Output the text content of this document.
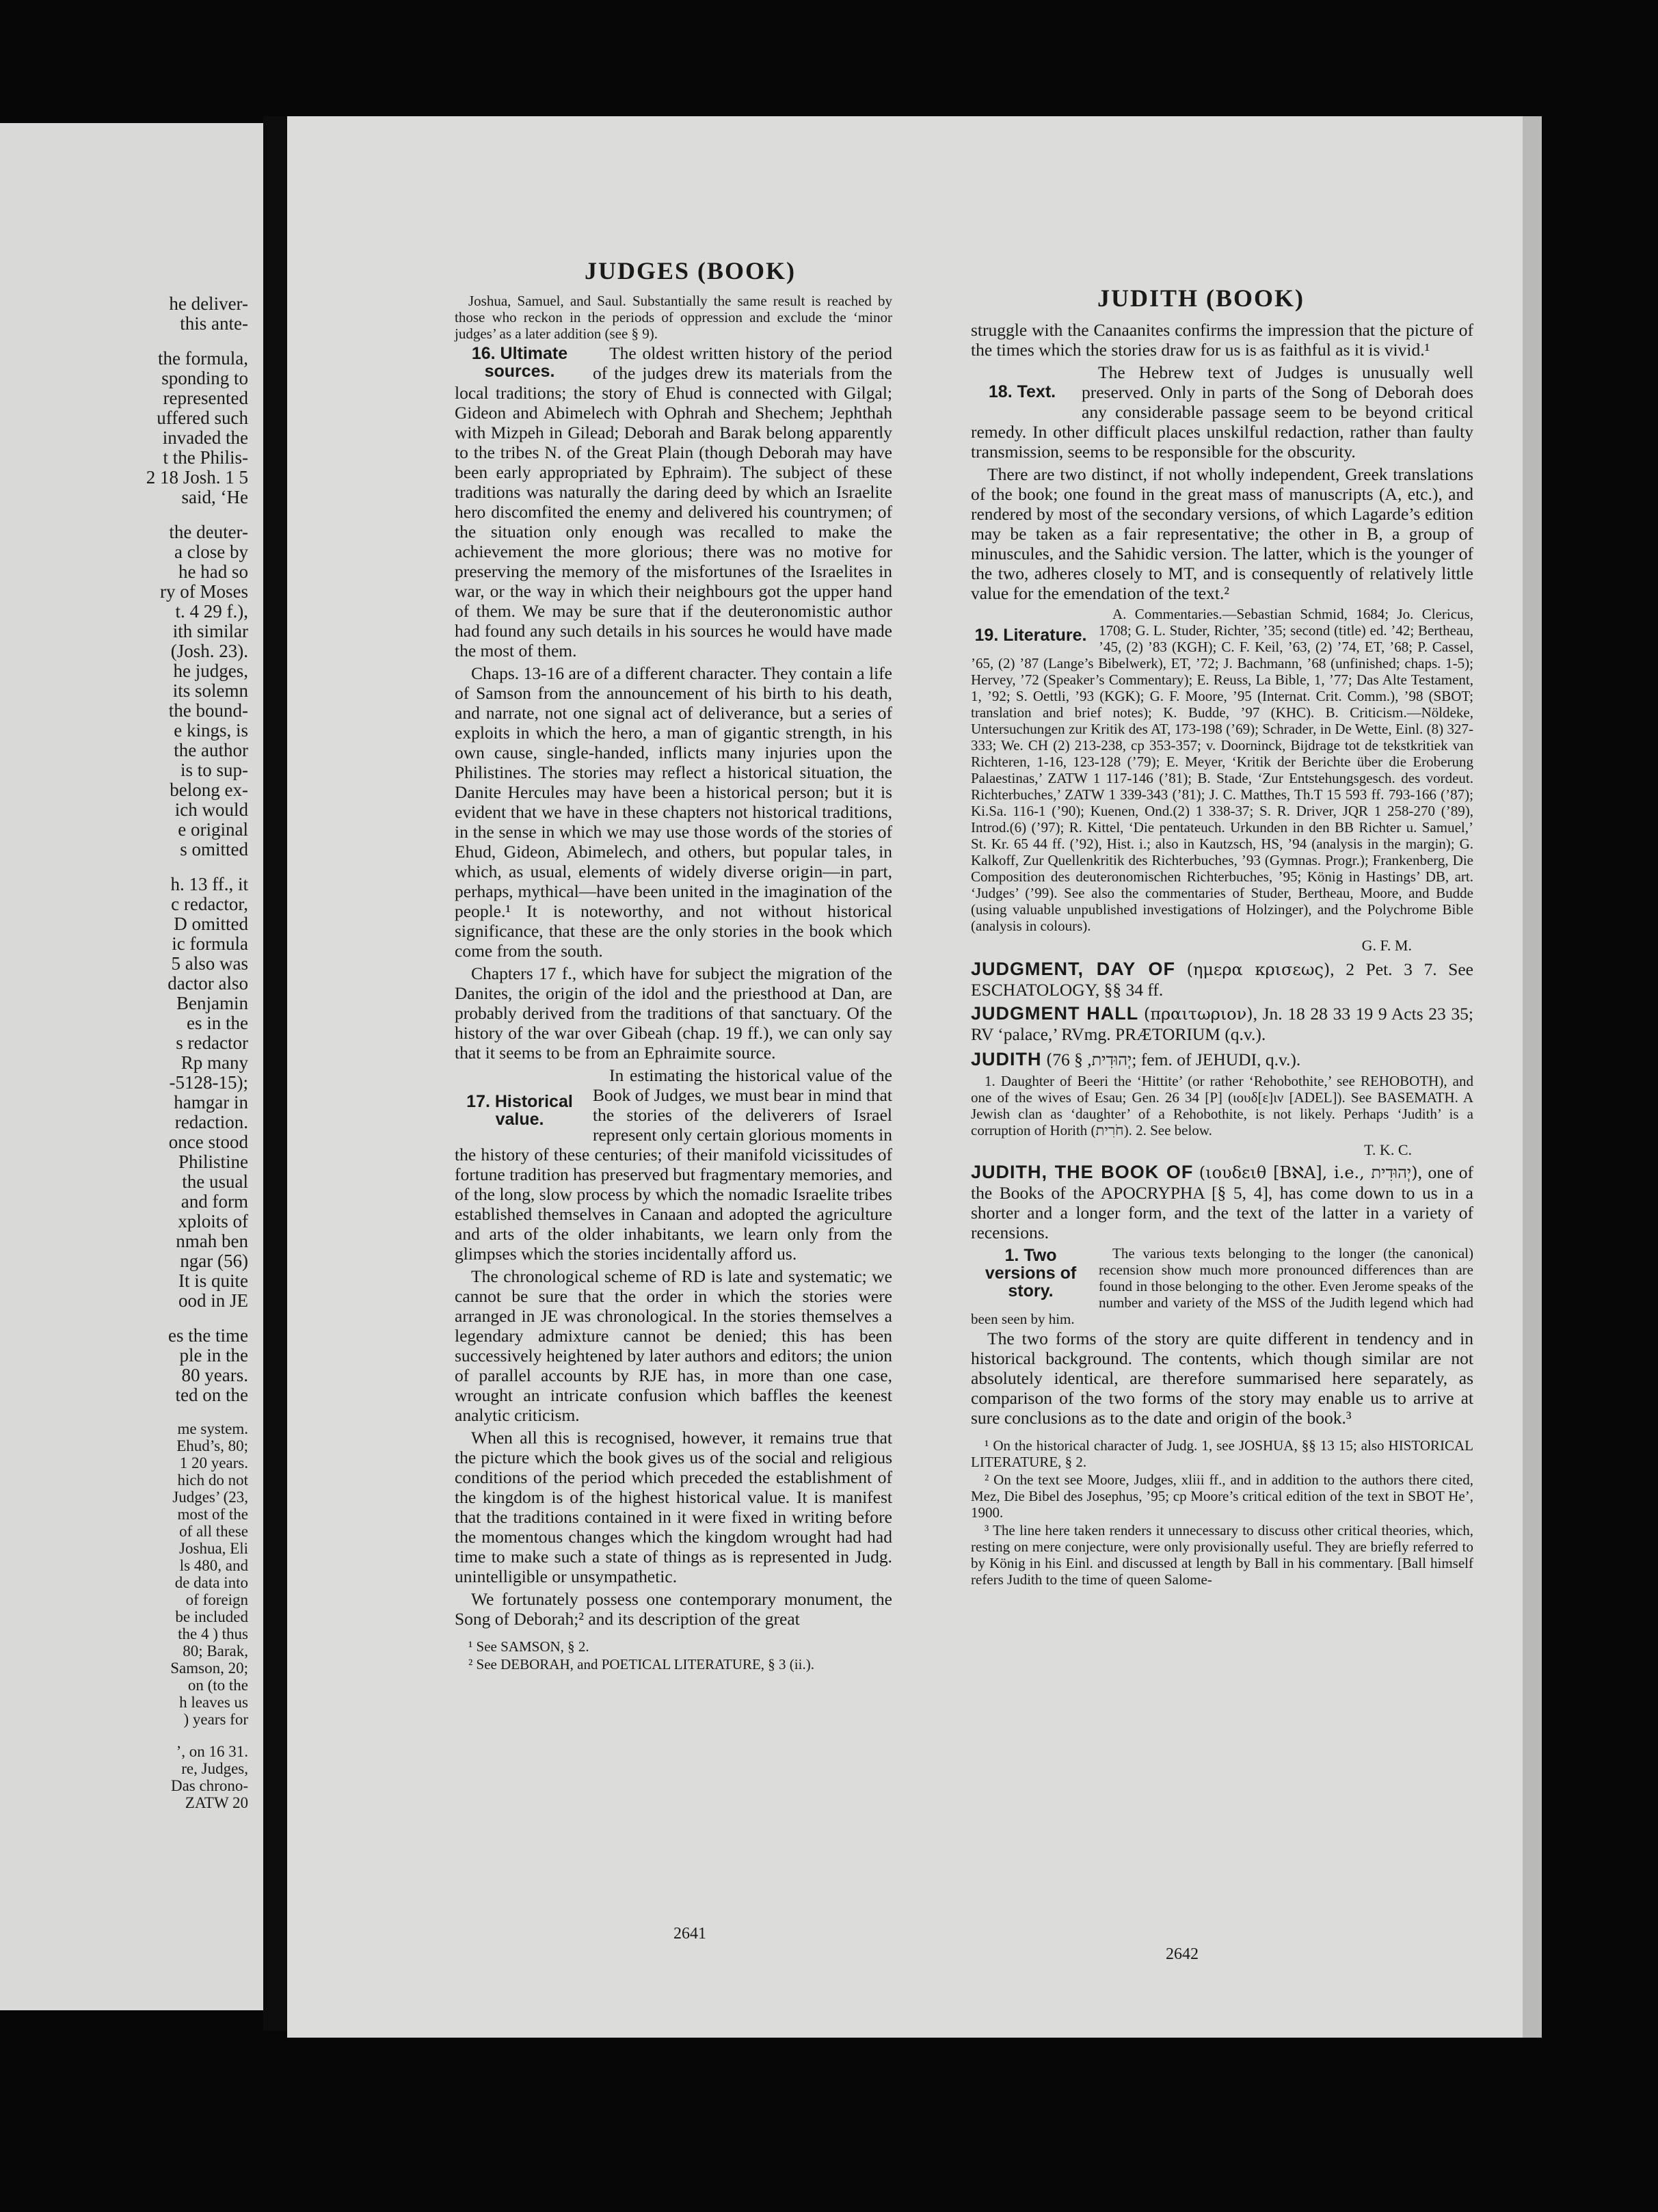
he deliver-
this ante-
the formula,
sponding to
represented
uffered such
invaded the
t the Philis-
2 18 Josh. 1 5
said, ‘He
the deuter-
a close by
he had so
ry of Moses
t. 4 29 f.),
ith similar
(Josh. 23).
he judges,
its solemn
the bound-
e kings, is
the author
is to sup-
belong ex-
ich would
e original
s omitted
h. 13 ff., it
c redactor,
D omitted
ic formula
5 also was
dactor also
Benjamin
es in the
s redactor
Rp many
-5128-15);
hamgar in
redaction.
once stood
Philistine
the usual
and form
xploits of
nmah ben
ngar (56)
It is quite
ood in JE
es the time
ple in the
80 years.
ted on the
me system.
Ehud’s, 80;
1 20 years.
hich do not
Judges’ (23,
most of the
of all these
Joshua, Eli
ls 480, and
de data into
of foreign
be included
the 4 ) thus
80; Barak,
Samson, 20;
on (to the
h leaves us
) years for
’, on 16 31.
re, Judges,
Das chrono-
ZATW 20
JUDGES (BOOK)
JUDITH (BOOK)

Joshua, Samuel, and Saul. Substantially the same result is reached by those who reckon in the periods of oppression and exclude the ‘minor judges’ as a later addition (see § 9).

16. Ultimate sources.

The oldest written history of the period of the judges drew its materials from the local traditions; the story of Ehud is connected with Gilgal; Gideon and Abimelech with Ophrah and Shechem; Jephthah with Mizpeh in Gilead; Deborah and Barak belong apparently to the tribes N. of the Great Plain (though Deborah may have been early appropriated by Ephraim). The subject of these traditions was naturally the daring deed by which an Israelite hero discomfited the enemy and delivered his countrymen; of the situation only enough was recalled to make the achievement the more glorious; there was no motive for preserving the memory of the misfortunes of the Israelites in war, or the way in which their neighbours got the upper hand of them. We may be sure that if the deuteronomistic author had found any such details in his sources he would have made the most of them.

Chaps. 13-16 are of a different character. They contain a life of Samson from the announcement of his birth to his death, and narrate, not one signal act of deliverance, but a series of exploits in which the hero, a man of gigantic strength, in his own cause, single-handed, inflicts many injuries upon the Philistines. The stories may reflect a historical situation, the Danite Hercules may have been a historical person; but it is evident that we have in these chapters not historical traditions, in the sense in which we may use those words of the stories of Ehud, Gideon, Abimelech, and others, but popular tales, in which, as usual, elements of widely diverse origin—in part, perhaps, mythical—have been united in the imagination of the people.¹ It is noteworthy, and not without historical significance, that these are the only stories in the book which come from the south.

Chapters 17 f., which have for subject the migration of the Danites, the origin of the idol and the priesthood at Dan, are probably derived from the traditions of that sanctuary. Of the history of the war over Gibeah (chap. 19 ff.), we can only say that it seems to be from an Ephraimite source.

17. Historical value.

In estimating the historical value of the Book of Judges, we must bear in mind that the stories of the deliverers of Israel represent only certain glorious moments in the history of these centuries; of their manifold vicissitudes of fortune tradition has preserved but fragmentary memories, and of the long, slow process by which the nomadic Israelite tribes established themselves in Canaan and adopted the agriculture and arts of the older inhabitants, we learn only from the glimpses which the stories incidentally afford us.

The chronological scheme of RD is late and systematic; we cannot be sure that the order in which the stories were arranged in JE was chronological. In the stories themselves a legendary admixture cannot be denied; this has been successively heightened by later authors and editors; the union of parallel accounts by RJE has, in more than one case, wrought an intricate confusion which baffles the keenest analytic criticism.

When all this is recognised, however, it remains true that the picture which the book gives us of the social and religious conditions of the period which preceded the establishment of the kingdom is of the highest historical value. It is manifest that the traditions contained in it were fixed in writing before the momentous changes which the kingdom wrought had had time to make such a state of things as is represented in Judg. unintelligible or unsympathetic.

We fortunately possess one contemporary monument, the Song of Deborah;² and its description of the great

¹ See SAMSON, § 2.

² See DEBORAH, and POETICAL LITERATURE, § 3 (ii.).

2641

struggle with the Canaanites confirms the impression that the picture of the times which the stories draw for us is as faithful as it is vivid.¹

18. Text.

The Hebrew text of Judges is unusually well preserved. Only in parts of the Song of Deborah does any considerable passage seem to be beyond critical remedy. In other difficult places unskilful redaction, rather than faulty transmission, seems to be responsible for the obscurity.

There are two distinct, if not wholly independent, Greek translations of the book; one found in the great mass of manuscripts (A, etc.), and rendered by most of the secondary versions, of which Lagarde’s edition may be taken as a fair representative; the other in B, a group of minuscules, and the Sahidic version. The latter, which is the younger of the two, adheres closely to MT, and is consequently of relatively little value for the emendation of the text.²

19. Literature.

A. Commentaries.—Sebastian Schmid, 1684; Jo. Clericus, 1708; G. L. Studer, Richter, ’35; second (title) ed. ’42; Bertheau, ’45, (2) ’83 (KGH); C. F. Keil, ’63, (2) ’74, ET, ’68; P. Cassel, ’65, (2) ’87 (Lange’s Bibelwerk), ET, ’72; J. Bachmann, ’68 (unfinished; chaps. 1-5); Hervey, ’72 (Speaker’s Commentary); E. Reuss, La Bible, 1, ’77; Das Alte Testament, 1, ’92; S. Oettli, ’93 (KGK); G. F. Moore, ’95 (Internat. Crit. Comm.), ’98 (SBOT; translation and brief notes); K. Budde, ’97 (KHC). B. Criticism.—Nöldeke, Untersuchungen zur Kritik des AT, 173-198 (’69); Schrader, in De Wette, Einl. (8) 327-333; We. CH (2) 213-238, cp 353-357; v. Doorninck, Bijdrage tot de tekstkritiek van Richteren, 1-16, 123-128 (’79); E. Meyer, ‘Kritik der Berichte über die Eroberung Palaestinas,’ ZATW 1 117-146 (’81); B. Stade, ‘Zur Entstehungsgesch. des vordeut. Richterbuches,’ ZATW 1 339-343 (’81); J. C. Matthes, Th.T 15 593 ff. 793-166 (’87); Ki.Sa. 116-1 (’90); Kuenen, Ond.(2) 1 338-37; S. R. Driver, JQR 1 258-270 (’89), Introd.(6) (’97); R. Kittel, ‘Die pentateuch. Urkunden in den BB Richter u. Samuel,’ St. Kr. 65 44 ff. (’92), Hist. i.; also in Kautzsch, HS, ’94 (analysis in the margin); G. Kalkoff, Zur Quellenkritik des Richterbuches, ’93 (Gymnas. Progr.); Frankenberg, Die Composition des deuteronomischen Richterbuches, ’95; König in Hastings’ DB, art. ‘Judges’ (’99). See also the commentaries of Studer, Bertheau, Moore, and Budde (using valuable unpublished investigations of Holzinger), and the Polychrome Bible (analysis in colours).

G. F. M.

JUDGMENT, DAY OF (ημερα κρισεως), 2 Pet. 3 7. See ESCHATOLOGY, §§ 34 ff.

JUDGMENT HALL (πραιτωριον), Jn. 18 28 33 19 9 Acts 23 35; RV ‘palace,’ RVmg. PRÆTORIUM (q.v.).

JUDITH (יְהוּדִית, § 76; fem. of JEHUDI, q.v.).

1. Daughter of Beeri the ‘Hittite’ (or rather ‘Rehobothite,’ see REHOBOTH), and one of the wives of Esau; Gen. 26 34 [P] (ιουδ[ε]ιν [ADEL]). See BASEMATH. A Jewish clan as ‘daughter’ of a Rehobothite, is not likely. Perhaps ‘Judith’ is a corruption of Horith (חֹרִית). 2. See below.

T. K. C.

JUDITH, THE BOOK OF (ιουδειθ [BℵA], i.e., יְהוּדִית), one of the Books of the APOCRYPHA [§ 5, 4], has come down to us in a shorter and a longer form, and the text of the latter in a variety of recensions.

1. Two versions of story.

The various texts belonging to the longer (the canonical) recension show much more pronounced differences than are found in those belonging to the other. Even Jerome speaks of the number and variety of the MSS of the Judith legend which had been seen by him.

The two forms of the story are quite different in tendency and in historical background. The contents, which though similar are not absolutely identical, are therefore summarised here separately, as comparison of the two forms of the story may enable us to arrive at sure conclusions as to the date and origin of the book.³

¹ On the historical character of Judg. 1, see JOSHUA, §§ 13 15; also HISTORICAL LITERATURE, § 2.

² On the text see Moore, Judges, xliii ff., and in addition to the authors there cited, Mez, Die Bibel des Josephus, ’95; cp Moore’s critical edition of the text in SBOT He’, 1900.

³ The line here taken renders it unnecessary to discuss other critical theories, which, resting on mere conjecture, were only provisionally useful. They are briefly referred to by König in his Einl. and discussed at length by Ball in his commentary. [Ball himself refers Judith to the time of queen Salome-

2642
